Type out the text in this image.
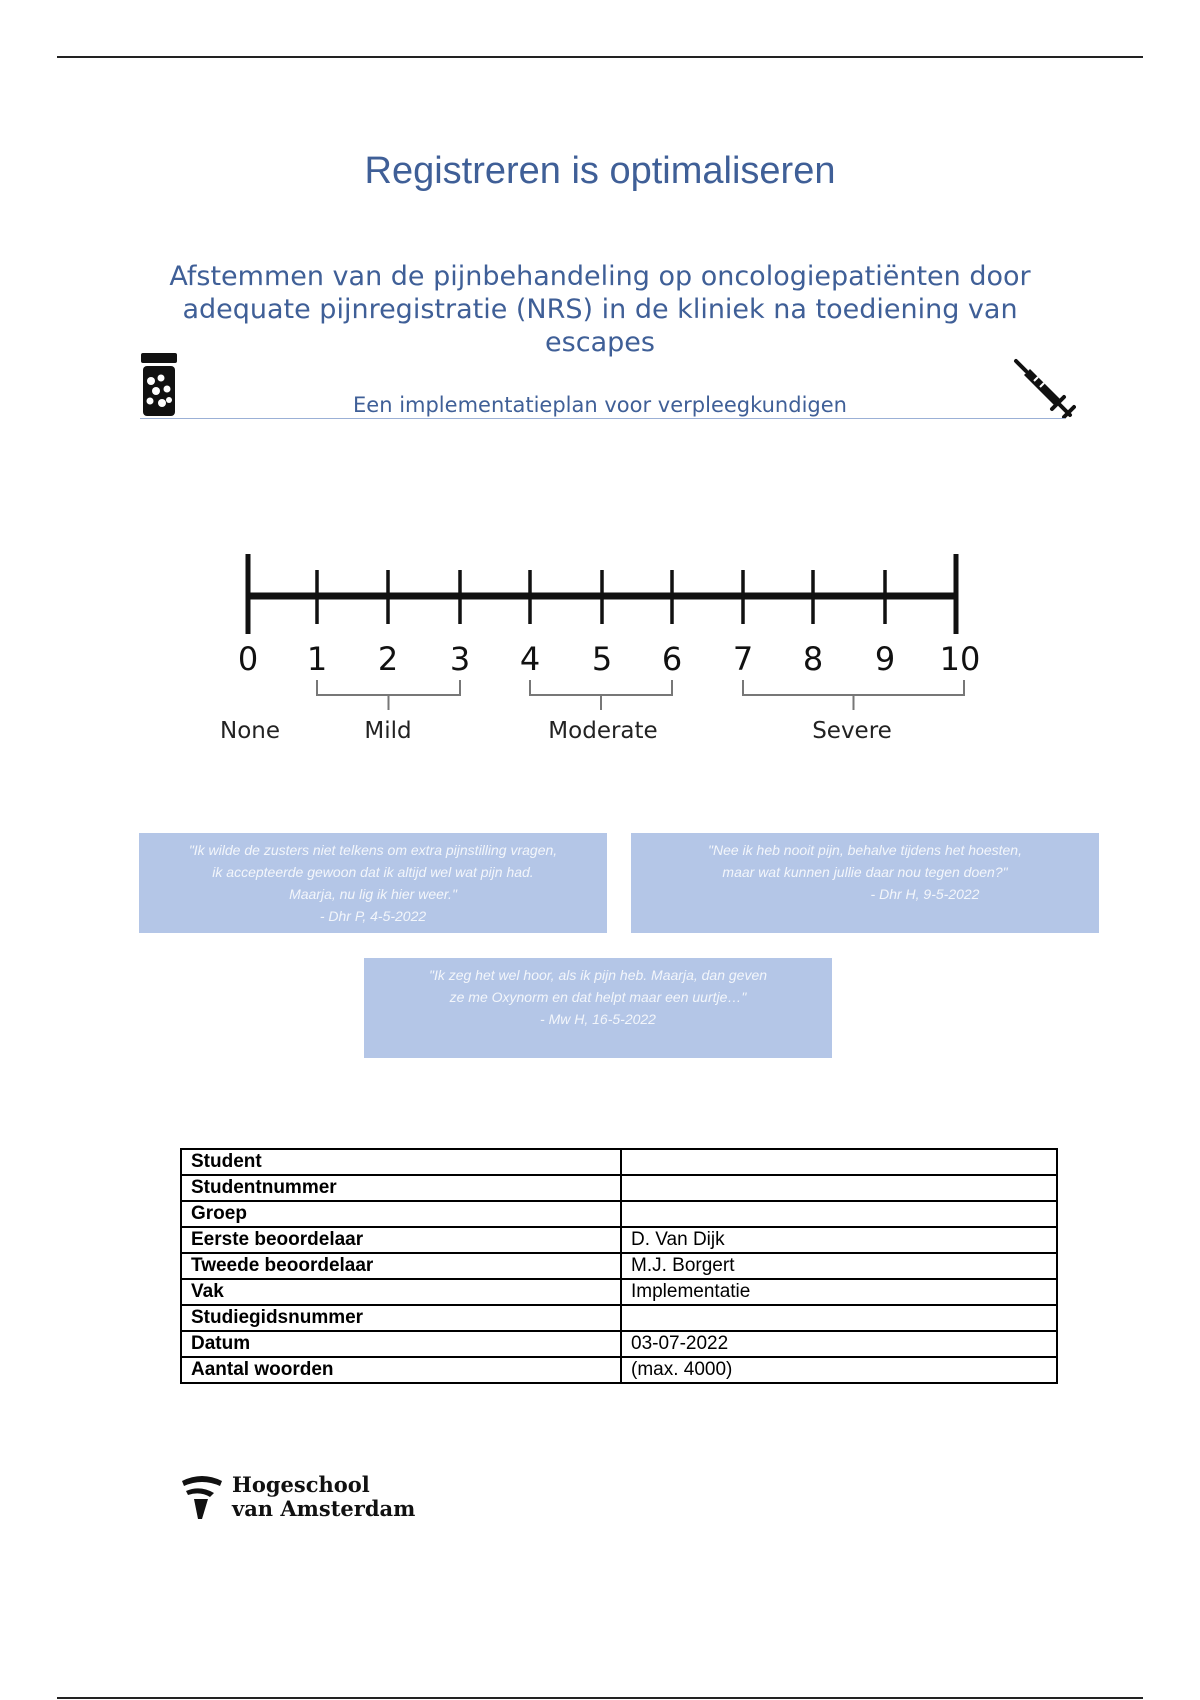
Registreren is optimaliseren
Afstemmen van de pijnbehandeling op oncologiepatiënten door adequate pijnregistratie (NRS) in de kliniek na toediening van escapes
Een implementatieplan voor verpleegkundigen
0 1 2 3 4 5 6 7 8 9 10
None	Mild	Moderate	Severe
"Ik wilde de zusters niet telkens om extra pijnstilling vragen,
ik accepteerde gewoon dat ik altijd wel wat pijn had.
Maarja, nu lig ik hier weer."
- Dhr P, 4-5-2022
"Nee ik heb nooit pijn, behalve tijdens het hoesten,
maar wat kunnen jullie daar nou tegen doen?"
- Dhr H, 9-5-2022
"Ik zeg het wel hoor, als ik pijn heb. Maarja, dan geven
ze me Oxynorm en dat helpt maar een uurtje…"
- Mw H, 16-5-2022
Student	
Studentnummer	
Groep	
Eerste beoordelaar	D. Van Dijk
Tweede beoordelaar	M.J. Borgert
Vak	Implementatie
Studiegidsnummer	
Datum	03-07-2022
Aantal woorden	(max. 4000)
Hogeschool
van Amsterdam
